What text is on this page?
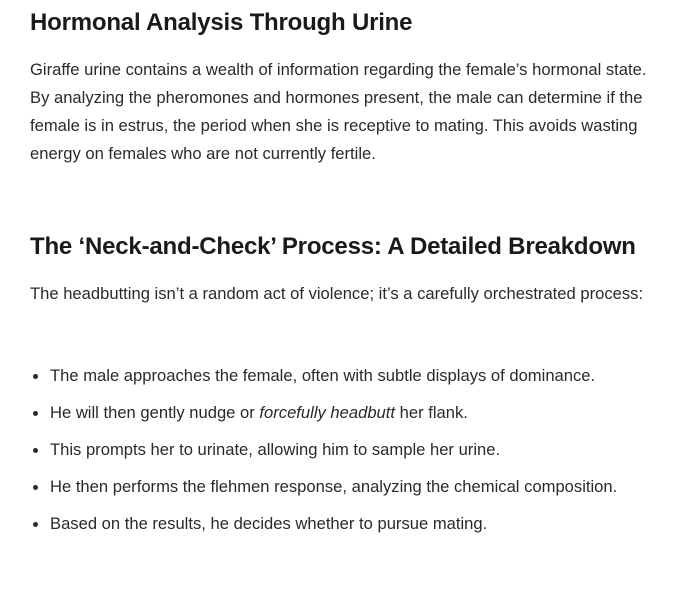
Hormonal Analysis Through Urine

Giraffe urine contains a wealth of information regarding the female’s hormonal state. By analyzing the pheromones and hormones present, the male can determine if the female is in estrus, the period when she is receptive to mating. This avoids wasting energy on females who are not currently fertile.

The ‘Neck-and-Check’ Process: A Detailed Breakdown

The headbutting isn’t a random act of violence; it’s a carefully orchestrated process:

The male approaches the female, often with subtle displays of dominance.
He will then gently nudge or forcefully headbutt her flank.
This prompts her to urinate, allowing him to sample her urine.
He then performs the flehmen response, analyzing the chemical composition.
Based on the results, he decides whether to pursue mating.
